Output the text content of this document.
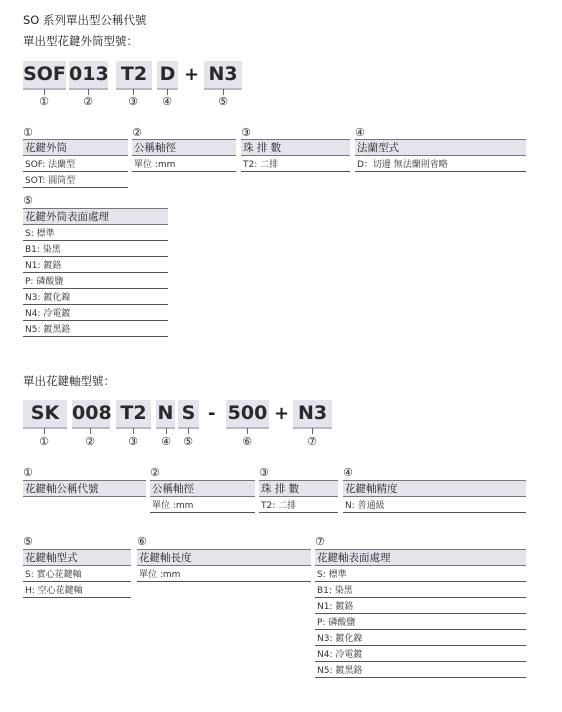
SO 系列單出型公稱代號
單出型花鍵外筒型號：
SOF 013 T2 D + N3
①	②	③ ④	⑤
①
花鍵外筒
SOF: 法蘭型
SOT: 圓筒型
②
公稱軸徑
單位 :mm
③
珠 排 數
T2: 二排
④
法蘭型式
D：切邊 無法蘭則省略
⑤
花鍵外筒表面處理
S: 標準
B1: 染黑
N1: 鍍鉻
P: 磷酸鹽
N3: 鍍化鎳
N4: 冷電鍍
N5: 鍍黑鉻
單出花鍵軸型號：
SK 008 T2 N S - 500 + N3
①	②	③ ④ ⑤	⑥	⑦
①
花鍵軸公稱代號
②
公稱軸徑
單位 :mm
③
珠 排 數
T2: 二排
④
花鍵軸精度
N: 普通級
⑤
花鍵軸型式
S: 實心花鍵軸
H: 空心花鍵軸
⑥
花鍵軸長度
單位 :mm
⑦
花鍵軸表面處理
S: 標準
B1: 染黑
N1: 鍍鉻
P: 磷酸鹽
N3: 鍍化鎳
N4: 冷電鍍
N5: 鍍黑鉻
